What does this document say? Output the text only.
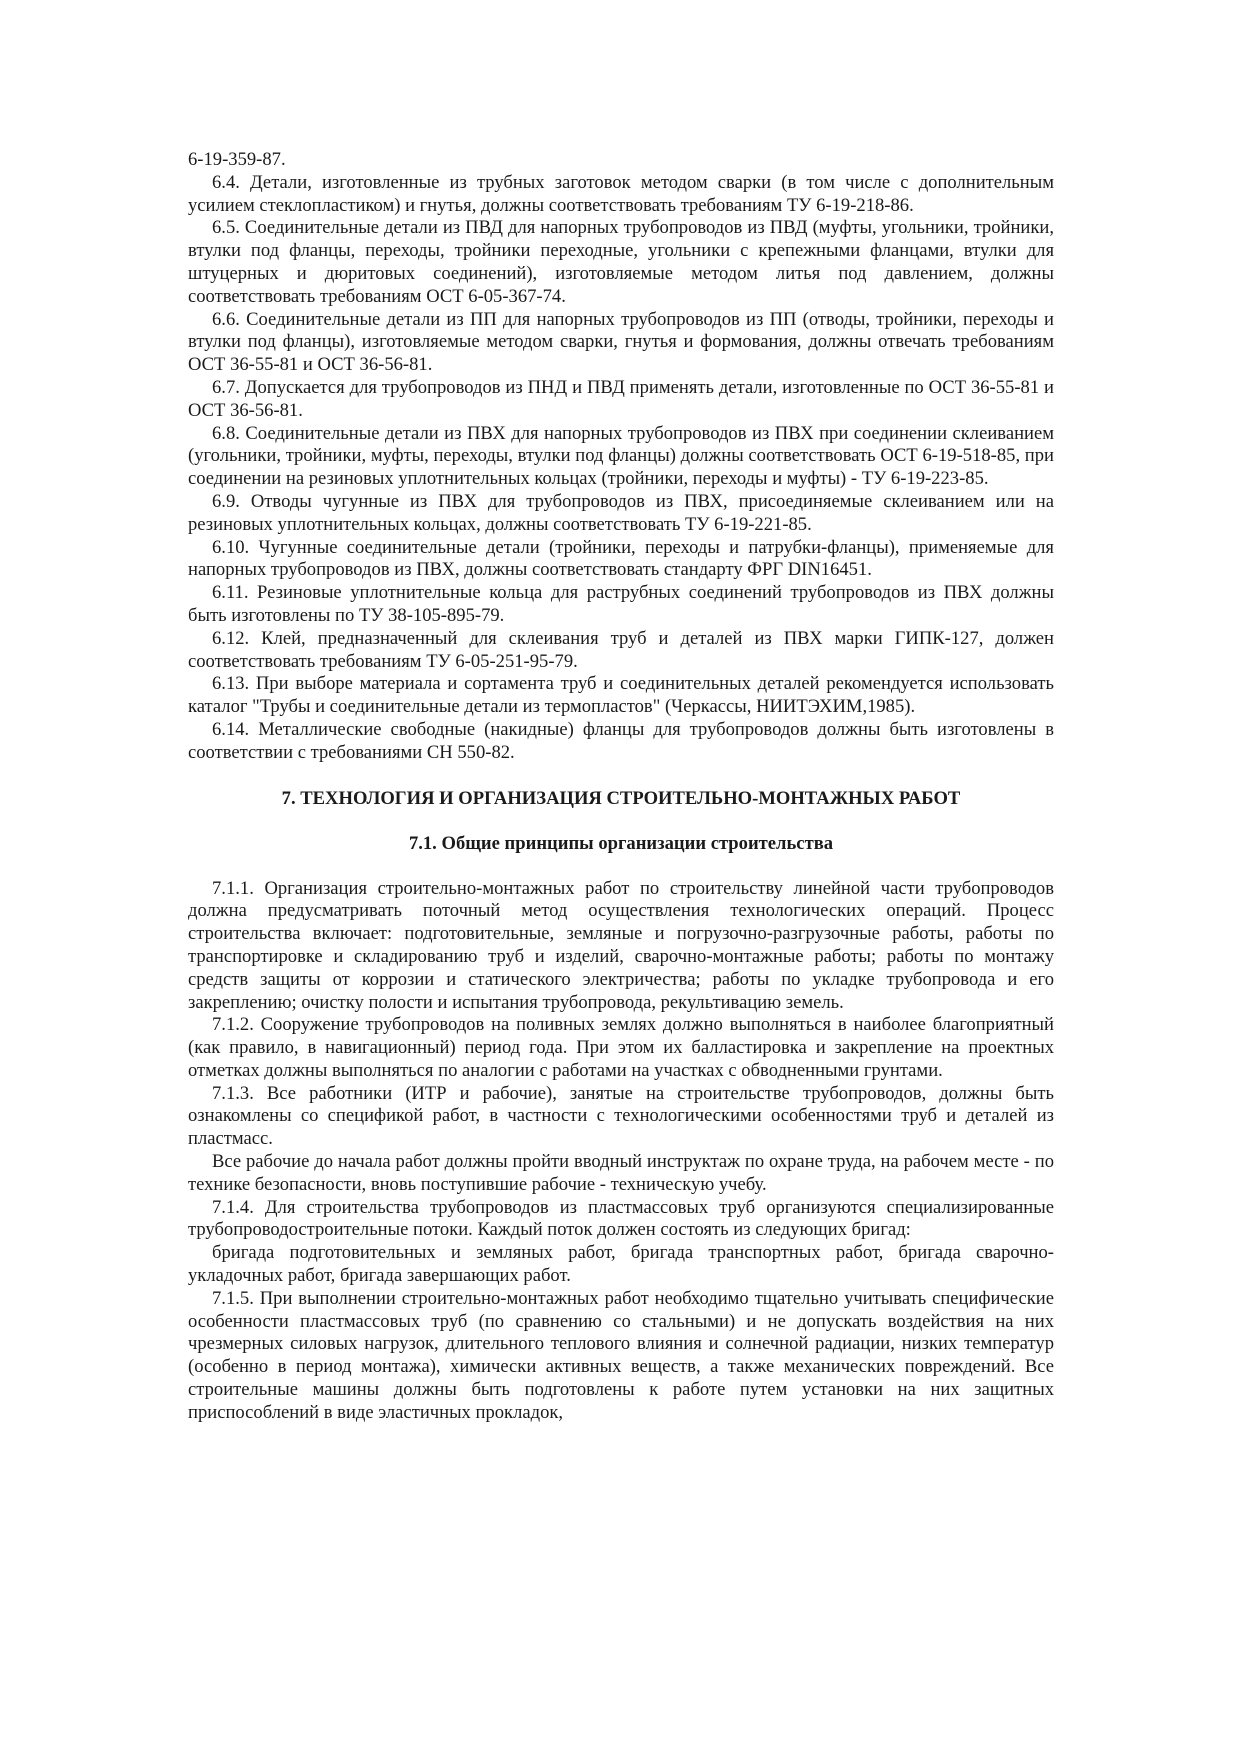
6-19-359-87.

6.4. Детали, изготовленные из трубных заготовок методом сварки (в том числе с дополнительным усилием стеклопластиком) и гнутья, должны соответствовать требованиям ТУ 6-19-218-86.

6.5. Соединительные детали из ПВД для напорных трубопроводов из ПВД (муфты, угольники, тройники, втулки под фланцы, переходы, тройники переходные, угольники с крепежными фланцами, втулки для штуцерных и дюритовых соединений), изготовляемые методом литья под давлением, должны соответствовать требованиям ОСТ 6-05-367-74.

6.6. Соединительные детали из ПП для напорных трубопроводов из ПП (отводы, тройники, переходы и втулки под фланцы), изготовляемые методом сварки, гнутья и формования, должны отвечать требованиям ОСТ 36-55-81 и ОСТ 36-56-81.

6.7. Допускается для трубопроводов из ПНД и ПВД применять детали, изготовленные по ОСТ 36-55-81 и ОСТ 36-56-81.

6.8. Соединительные детали из ПВХ для напорных трубопроводов из ПВХ при соединении склеиванием (угольники, тройники, муфты, переходы, втулки под фланцы) должны соответствовать ОСТ 6-19-518-85, при соединении на резиновых уплотнительных кольцах (тройники, переходы и муфты) - ТУ 6-19-223-85.

6.9. Отводы чугунные из ПВХ для трубопроводов из ПВХ, присоединяемые склеиванием или на резиновых уплотнительных кольцах, должны соответствовать ТУ 6-19-221-85.

6.10. Чугунные соединительные детали (тройники, переходы и патрубки-фланцы), применяемые для напорных трубопроводов из ПВХ, должны соответствовать стандарту ФРГ DIN16451.

6.11. Резиновые уплотнительные кольца для раструбных соединений трубопроводов из ПВХ должны быть изготовлены по ТУ 38-105-895-79.

6.12. Клей, предназначенный для склеивания труб и деталей из ПВХ марки ГИПК-127, должен соответствовать требованиям ТУ 6-05-251-95-79.

6.13. При выборе материала и сортамента труб и соединительных деталей рекомендуется использовать каталог "Трубы и соединительные детали из термопластов" (Черкассы, НИИТЭХИМ,1985).

6.14. Металлические свободные (накидные) фланцы для трубопроводов должны быть изготовлены в соответствии с требованиями СН 550-82.

7. ТЕХНОЛОГИЯ И ОРГАНИЗАЦИЯ СТРОИТЕЛЬНО-МОНТАЖНЫХ РАБОТ
7.1. Общие принципы организации строительства

7.1.1. Организация строительно-монтажных работ по строительству линейной части трубопроводов должна предусматривать поточный метод осуществления технологических операций. Процесс строительства включает: подготовительные, земляные и погрузочно-разгрузочные работы, работы по транспортировке и складированию труб и изделий, сварочно-монтажные работы; работы по монтажу средств защиты от коррозии и статического электричества; работы по укладке трубопровода и его закреплению; очистку полости и испытания трубопровода, рекультивацию земель.

7.1.2. Сооружение трубопроводов на поливных землях должно выполняться в наиболее благоприятный (как правило, в навигационный) период года. При этом их балластировка и закрепление на проектных отметках должны выполняться по аналогии с работами на участках с обводненными грунтами.

7.1.3. Все работники (ИТР и рабочие), занятые на строительстве трубопроводов, должны быть ознакомлены со спецификой работ, в частности с технологическими особенностями труб и деталей из пластмасс.

Все рабочие до начала работ должны пройти вводный инструктаж по охране труда, на рабочем месте - по технике безопасности, вновь поступившие рабочие - техническую учебу.

7.1.4. Для строительства трубопроводов из пластмассовых труб организуются специализированные трубопроводостроительные потоки. Каждый поток должен состоять из следующих бригад:

бригада подготовительных и земляных работ, бригада транспортных работ, бригада сварочно-укладочных работ, бригада завершающих работ.

7.1.5. При выполнении строительно-монтажных работ необходимо тщательно учитывать специфические особенности пластмассовых труб (по сравнению со стальными) и не допускать воздействия на них чрезмерных силовых нагрузок, длительного теплового влияния и солнечной радиации, низких температур (особенно в период монтажа), химически активных веществ, а также механических повреждений. Все строительные машины должны быть подготовлены к работе путем установки на них защитных приспособлений в виде эластичных прокладок,
